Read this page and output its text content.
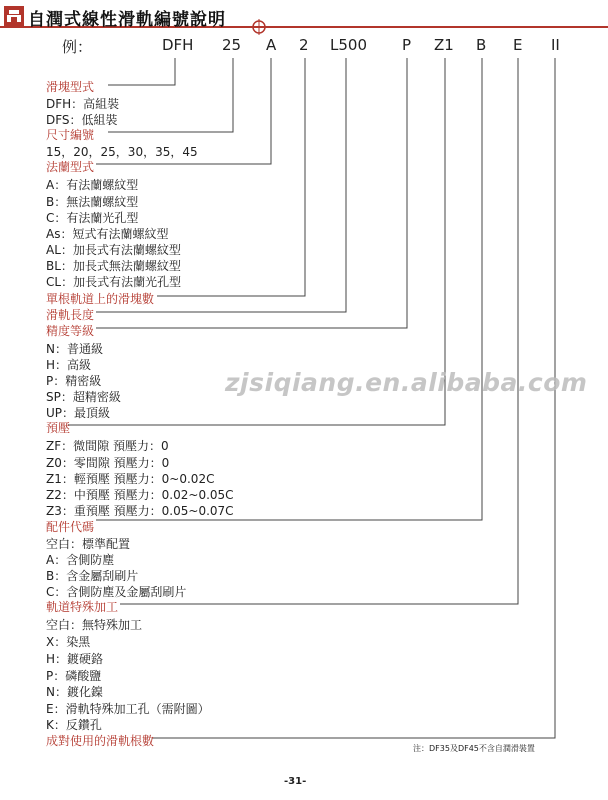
自潤式線性滑軌編號說明
例：	DFH 25 A 2 L500 P Z1 B E II
滑塊型式
DFH：高組裝
DFS：低組裝
尺寸編號
15，20，25，30，35，45
法蘭型式
A：有法蘭螺紋型
B：無法蘭螺紋型
C：有法蘭光孔型
As：短式有法蘭螺紋型
AL：加長式有法蘭螺紋型
BL：加長式無法蘭螺紋型
CL：加長式有法蘭光孔型
單根軌道上的滑塊數
滑軌長度
精度等級
N：普通級
H：高級
P：精密級
SP：超精密級
UP：最頂級
預壓
ZF：微間隙 預壓力：0
Z0：零間隙 預壓力：0
Z1：輕預壓 預壓力：0~0.02C
Z2：中預壓 預壓力：0.02~0.05C
Z3：重預壓 預壓力：0.05~0.07C
配件代碼
空白：標準配置
A：含側防塵
B：含金屬刮刷片
C：含側防塵及金屬刮刷片
軌道特殊加工
空白：無特殊加工
X：染黑
H：鍍硬鉻
P：磷酸鹽
N：鍍化鎳
E：滑軌特殊加工孔（需附圖）
K：反鑽孔
成對使用的滑軌根數
zjsiqiang.en.alibaba.com
注：DF35及DF45不含自潤滑裝置
-31-
